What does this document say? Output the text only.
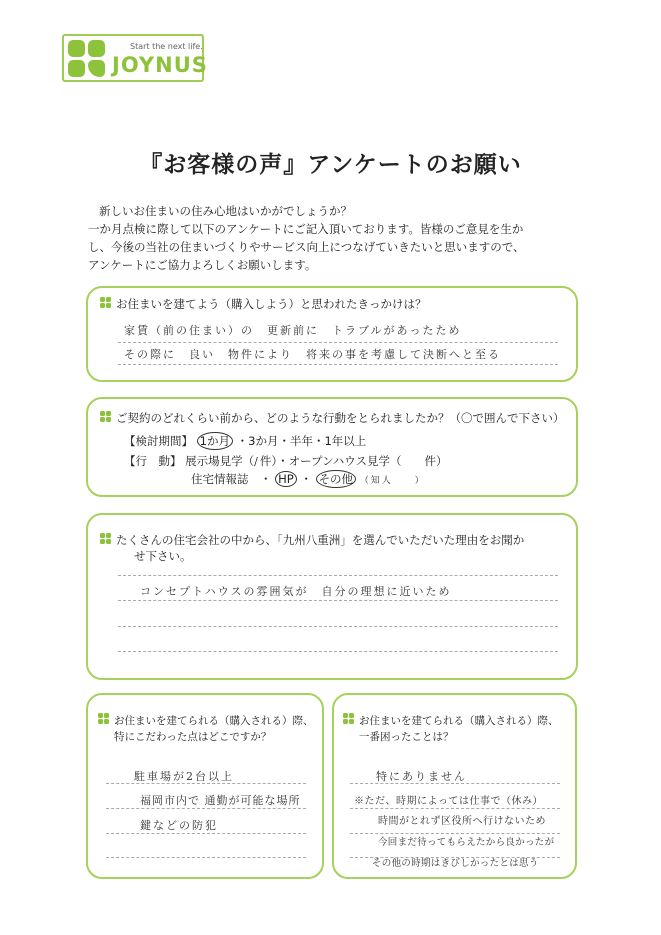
Start the next life.
JOYNUS
『お客様の声』アンケートのお願い

新しいお住まいの住み心地はいかがでしょうか？

一か月点検に際して以下のアンケートにご記入頂いております。皆様のご意見を生か

し、今後の当社の住まいづくりやサービス向上につなげていきたいと思いますので、

アンケートにご協力よろしくお願いします。

お住まいを建てよう（購入しよう）と思われたきっかけは？
家賃（前の住まい）の　更新前に　トラブルがあったため
その際に　良い　物件により　将来の事を考慮して決断へと至る
ご契約のどれくらい前から、どのような行動をとられましたか？（〇で囲んで下さい）
【検討期間】 1か月 ・3か月・半年・1年以上
【行　動】 展示場見学（/件）・オープンハウス見学（　　件）
住宅情報誌　・ HP ・ その他 （知人　　）
たくさんの住宅会社の中から、「九州八重洲」を選んでいただいた理由をお聞か
せ下さい。
コンセプトハウスの雰囲気が　自分の理想に近いため
お住まいを建てられる（購入される）際、
特にこだわった点はどこですか？
駐車場が2台以上
福岡市内で 通勤が可能な場所
鍵などの防犯
お住まいを建てられる（購入される）際、
一番困ったことは？
特にありません
※ただ、時期によっては仕事で（休み）
時間がとれず区役所へ行けないため
今回まだ待ってもらえたから良かったが
その他の時期はきびしかったとは思う
